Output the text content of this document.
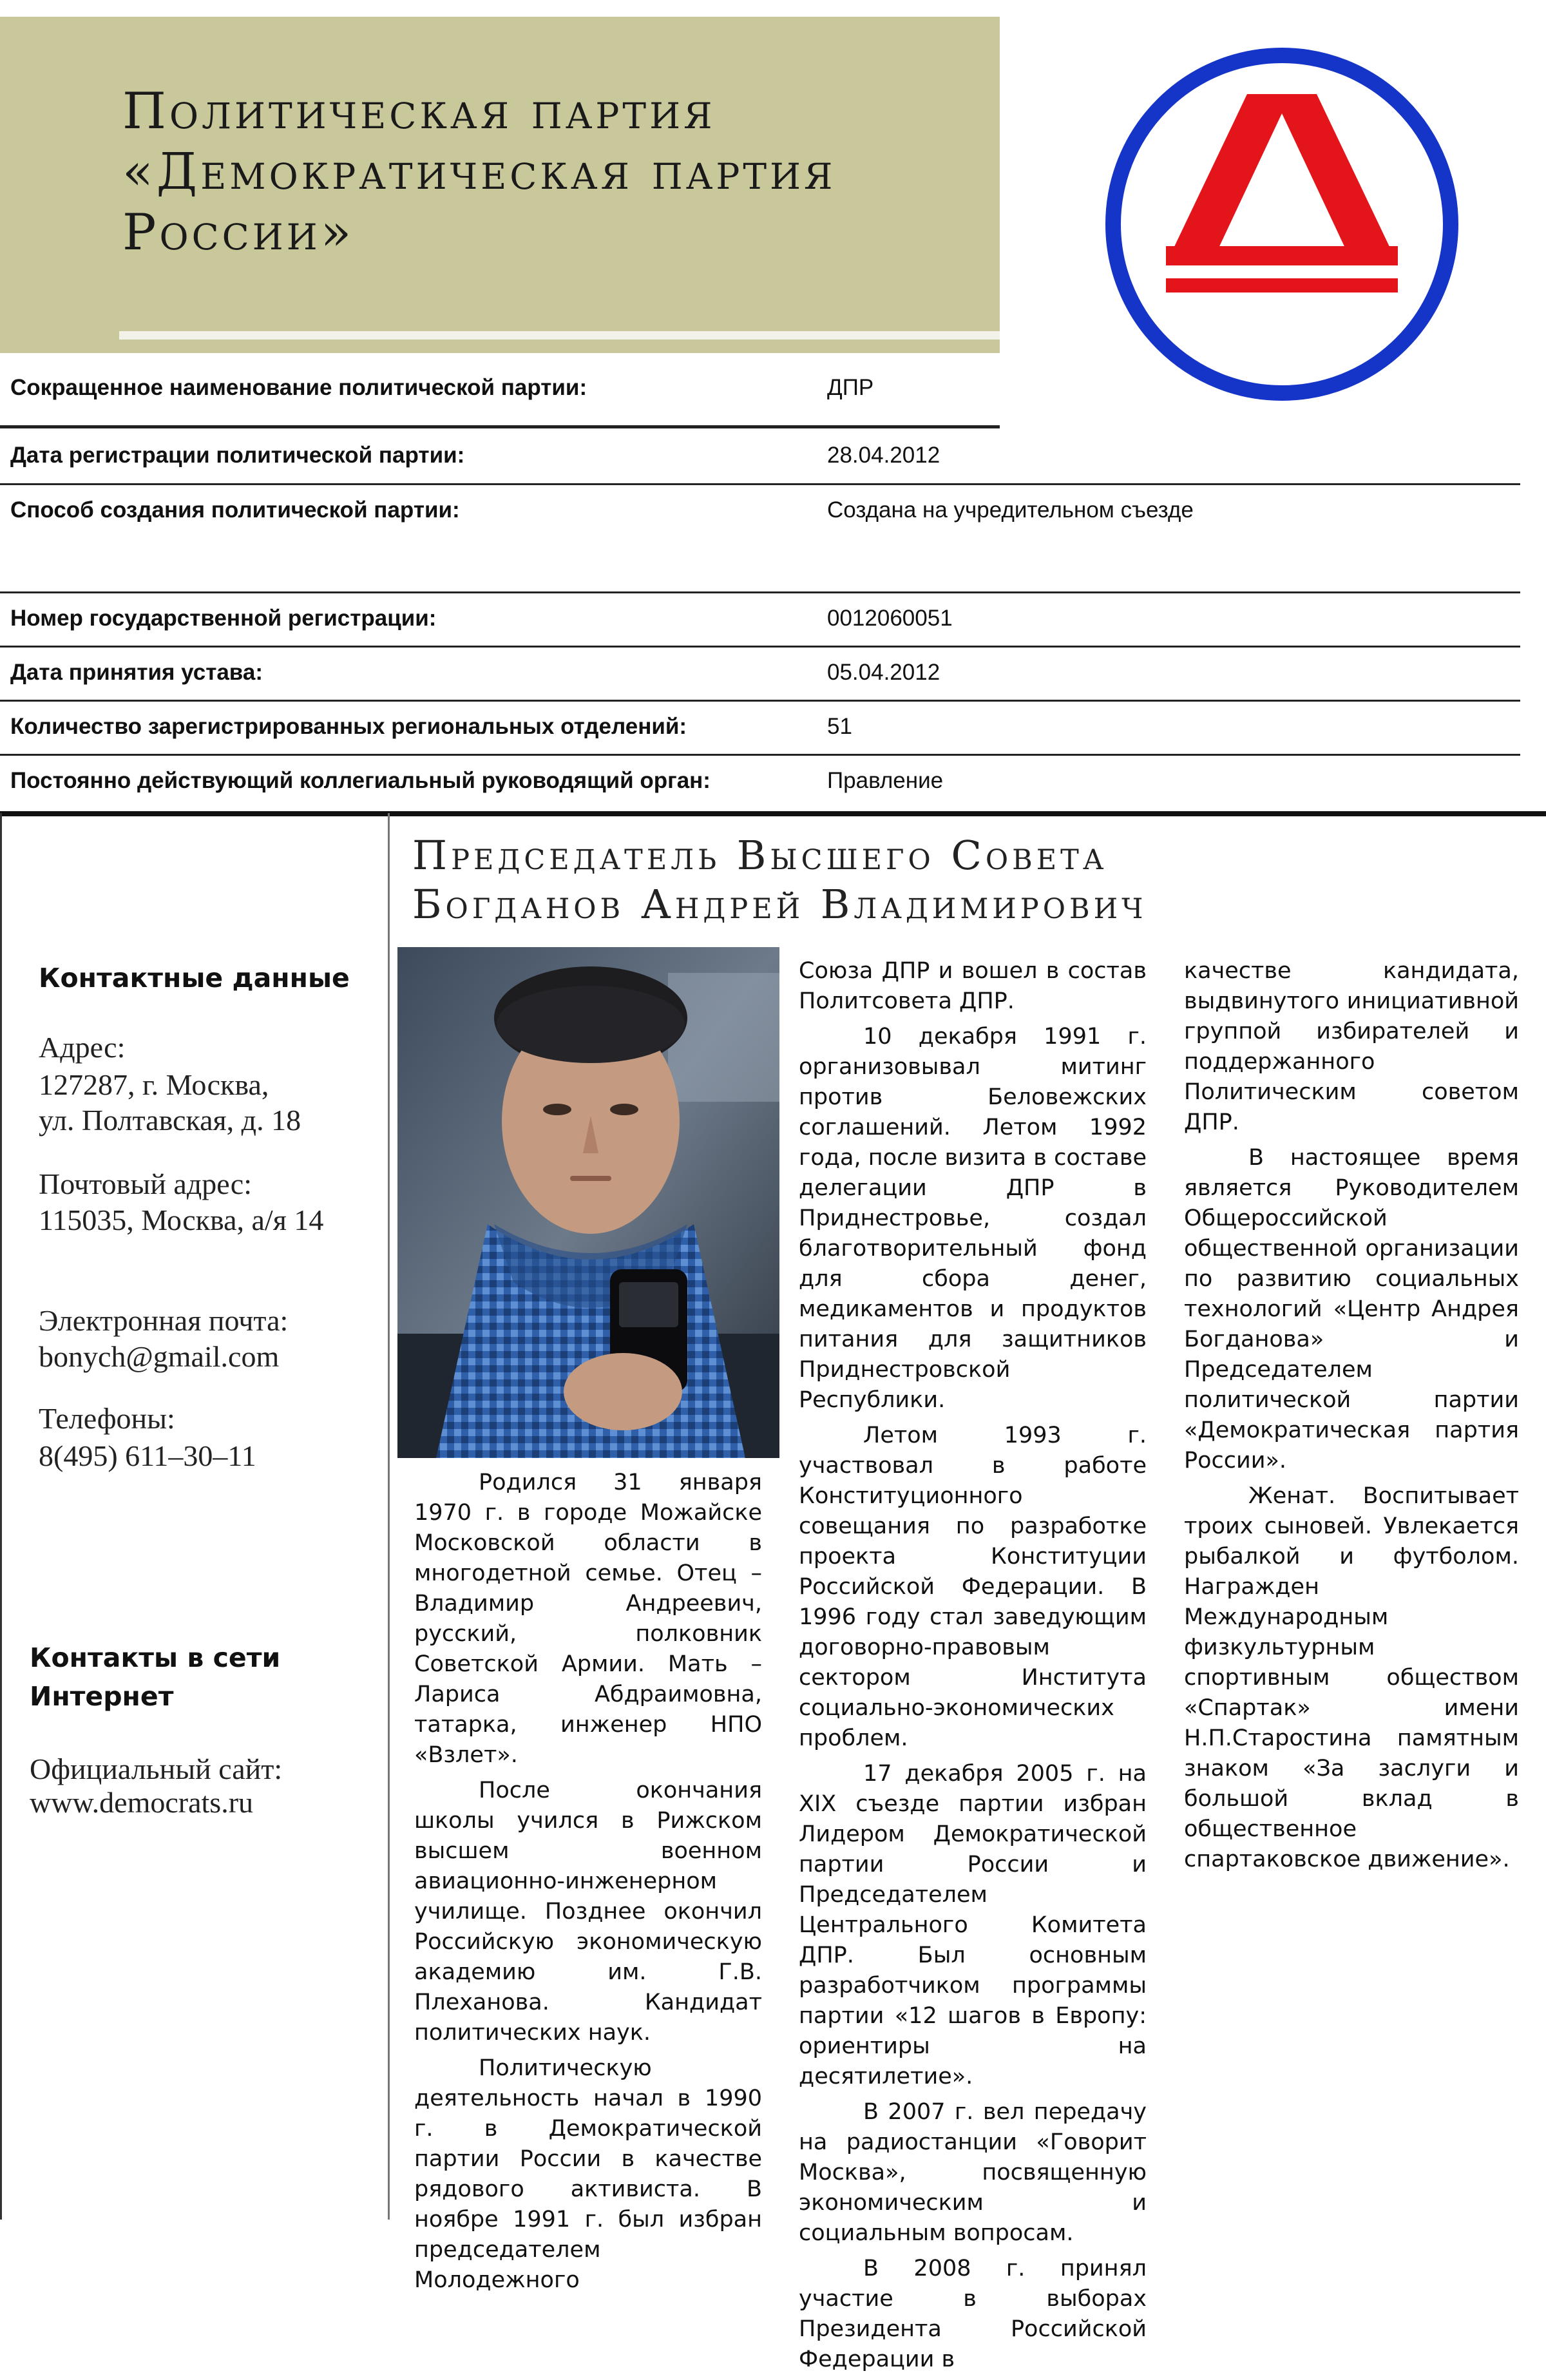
Политическая партия
«Демократическая партия
России»
Сокращенное наименование политической партии:	ДПР
Дата регистрации политической партии:	28.04.2012
Способ создания политической партии:	Создана на учредительном съезде
Номер государственной регистрации:	0012060051
Дата принятия устава:	05.04.2012
Количество зарегистрированных региональных отделений:	51
Постоянно действующий коллегиальный руководящий орган:	Правление
Председатель Высшего Совета
Богданов Андрей Владимирович
Контактные данные
Адрес:
127287, г. Москва,
ул. Полтавская, д. 18
Почтовый адрес:
115035, Москва, а/я 14
Электронная почта:
bonych@gmail.com
Телефоны:
8(495) 611–30–11
Контакты в сети
Интернет
Официальный сайт:
www.democrats.ru

Родился 31 января 1970 г. в городе Можайске Московской области в многодетной семье. Отец – Владимир Андреевич, русский, полковник Советской Армии. Мать – Лариса Абдраимовна, татарка, инженер НПО «Взлет».

После окончания школы учился в Рижском высшем военном авиационно-инженерном училище. Позднее окончил Российскую экономическую академию им. Г.В. Плеханова. Кандидат политических наук.

Политическую деятельность начал в 1990 г. в Демократической партии России в качестве рядового активиста. В ноябре 1991 г. был избран председателем Молодежного

Союза ДПР и вошел в состав Политсовета ДПР.

10 декабря 1991 г. организовывал митинг против Беловежских соглашений. Летом 1992 года, после визита в составе делегации ДПР в Приднестровье, создал благотворительный фонд для сбора денег, медикаментов и продуктов питания для защитников Приднестровской Республики.

Летом 1993 г. участвовал в работе Конституционного совещания по разработке проекта Конституции Российской Федерации. В 1996 году стал заведующим договорно-правовым сектором Института социально-экономических проблем.

17 декабря 2005 г. на XIX съезде партии избран Лидером Демократической партии России и Председателем Центрального Комитета ДПР. Был основным разработчиком программы партии «12 шагов в Европу: ориентиры на десятилетие».

В 2007 г. вел передачу на радиостанции «Говорит Москва», посвященную экономическим и социальным вопросам.

В 2008 г. принял участие в выборах Президента Российской Федерации в

качестве кандидата, выдвинутого инициативной группой избирателей и поддержанного Политическим советом ДПР.

В настоящее время является Руководителем Общероссийской общественной организации по развитию социальных технологий «Центр Андрея Богданова» и Председателем политической партии «Демократическая партия России».

Женат. Воспитывает троих сыновей. Увлекается рыбалкой и футболом. Награжден Международным физкультурным спортивным обществом «Спартак» имени Н.П.Старостина памятным знаком «За заслуги и большой вклад в общественное спартаковское движение».
